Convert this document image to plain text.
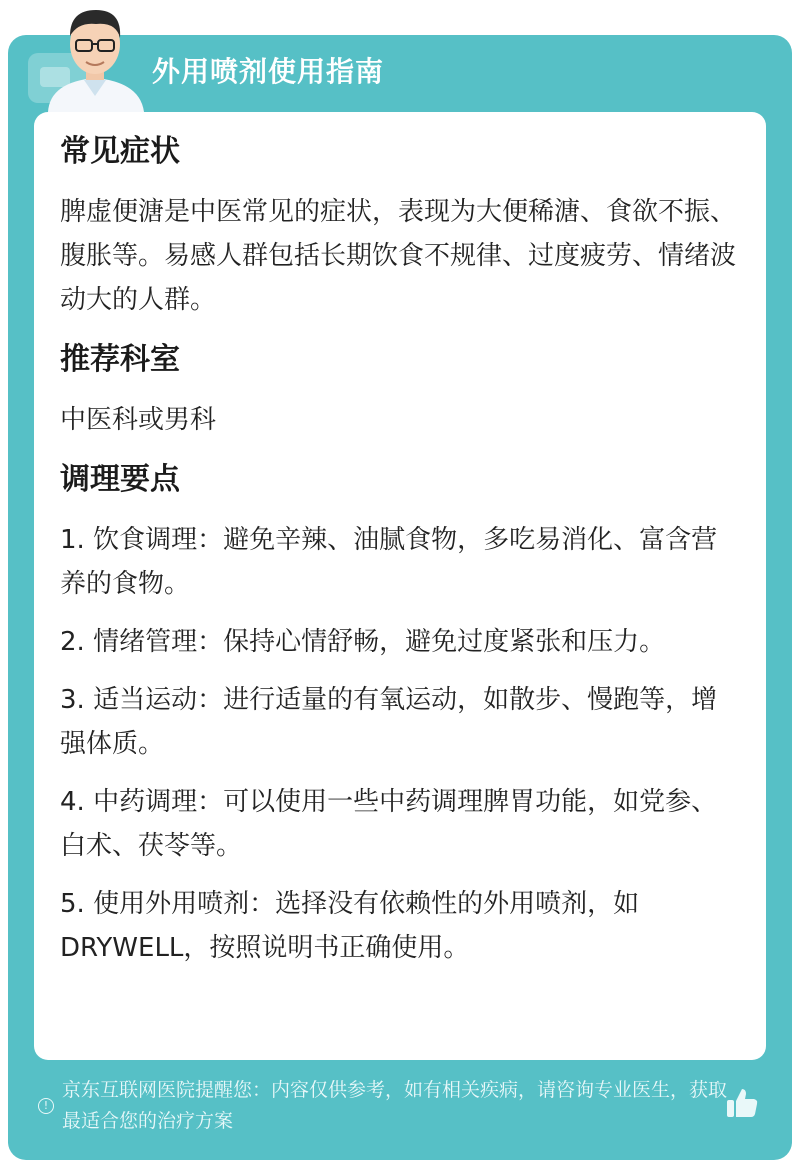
外用喷剂使用指南
常见症状

脾虚便溏是中医常见的症状，表现为大便稀溏、食欲不振、腹胀等。易感人群包括长期饮食不规律、过度疲劳、情绪波动大的人群。

推荐科室

中医科或男科

调理要点
1. 饮食调理：避免辛辣、油腻食物，多吃易消化、富含营养的食物。
2. 情绪管理：保持心情舒畅，避免过度紧张和压力。
3. 适当运动：进行适量的有氧运动，如散步、慢跑等，增强体质。
4. 中药调理：可以使用一些中药调理脾胃功能，如党参、白术、茯苓等。
5. 使用外用喷剂：选择没有依赖性的外用喷剂，如DRYWELL，按照说明书正确使用。
!
京东互联网医院提醒您：内容仅供参考，如有相关疾病，请咨询专业医生，获取最适合您的治疗方案
